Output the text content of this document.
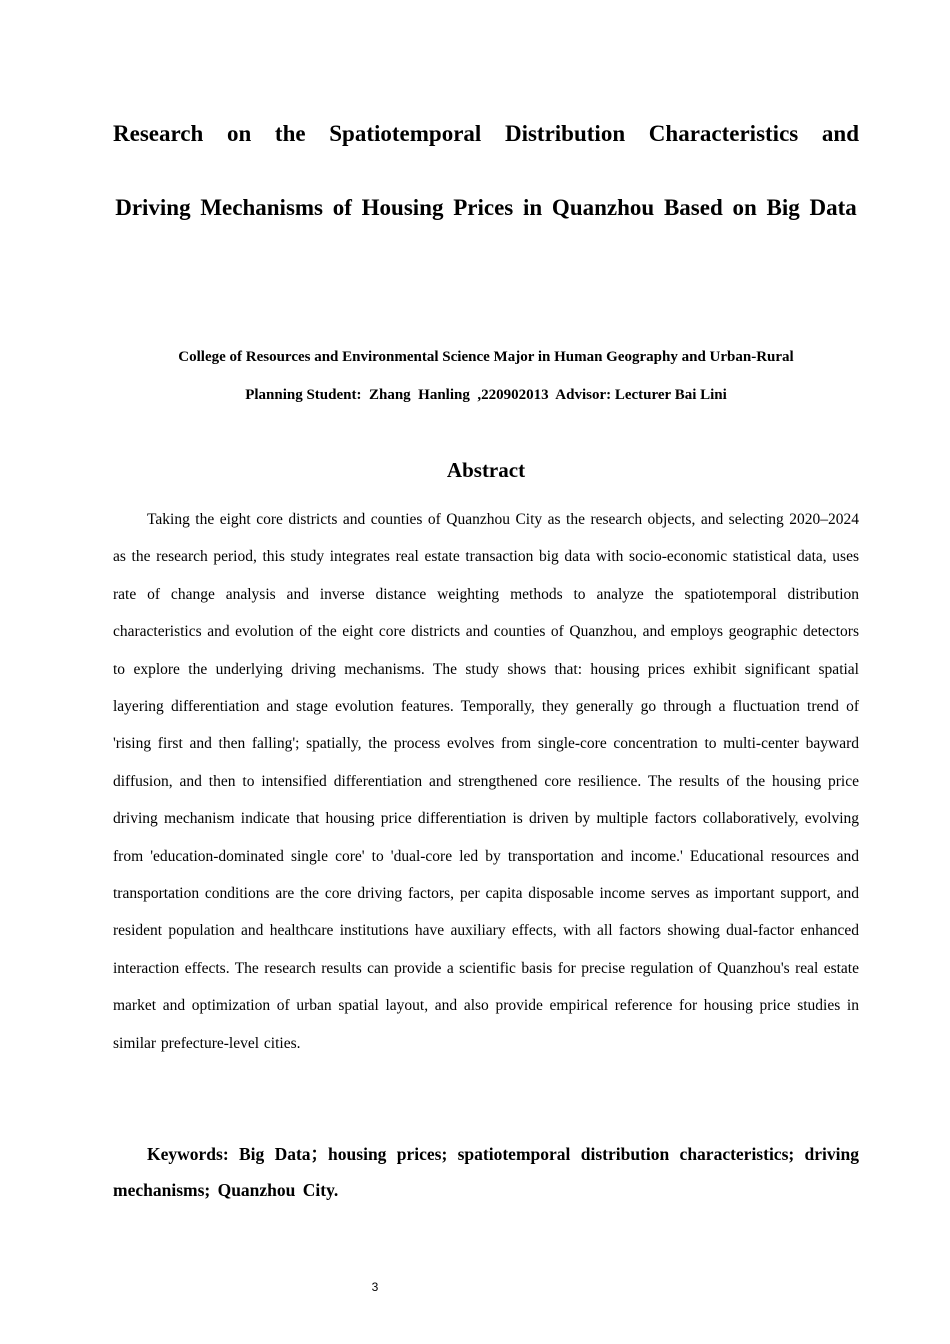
Research on the Spatiotemporal Distribution Characteristics and Driving Mechanisms of Housing Prices in Quanzhou Based on Big Data

College of Resources and Environmental Science Major in Human Geography and Urban-Rural
Planning Student:  Zhang  Hanling  ,220902013  Advisor: Lecturer Bai Lini

Abstract

Taking the eight core districts and counties of Quanzhou City as the research objects, and selecting 2020–2024 as the research period, this study integrates real estate transaction big data with socio-economic statistical data, uses rate of change analysis and inverse distance weighting methods to analyze the spatiotemporal distribution characteristics and evolution of the eight core districts and counties of Quanzhou, and employs geographic detectors to explore the underlying driving mechanisms. The study shows that: housing prices exhibit significant spatial layering differentiation and stage evolution features. Temporally, they generally go through a fluctuation trend of 'rising first and then falling'; spatially, the process evolves from single-core concentration to multi-center bayward diffusion, and then to intensified differentiation and strengthened core resilience. The results of the housing price driving mechanism indicate that housing price differentiation is driven by multiple factors collaboratively, evolving from 'education-dominated single core' to 'dual-core led by transportation and income.' Educational resources and transportation conditions are the core driving factors, per capita disposable income serves as important support, and resident population and healthcare institutions have auxiliary effects, with all factors showing dual-factor enhanced interaction effects. The research results can provide a scientific basis for precise regulation of Quanzhou's real estate market and optimization of urban spatial layout, and also provide empirical reference for housing price studies in similar prefecture-level cities.

Keywords: Big Data；housing prices; spatiotemporal distribution characteristics; driving mechanisms; Quanzhou City.

3
